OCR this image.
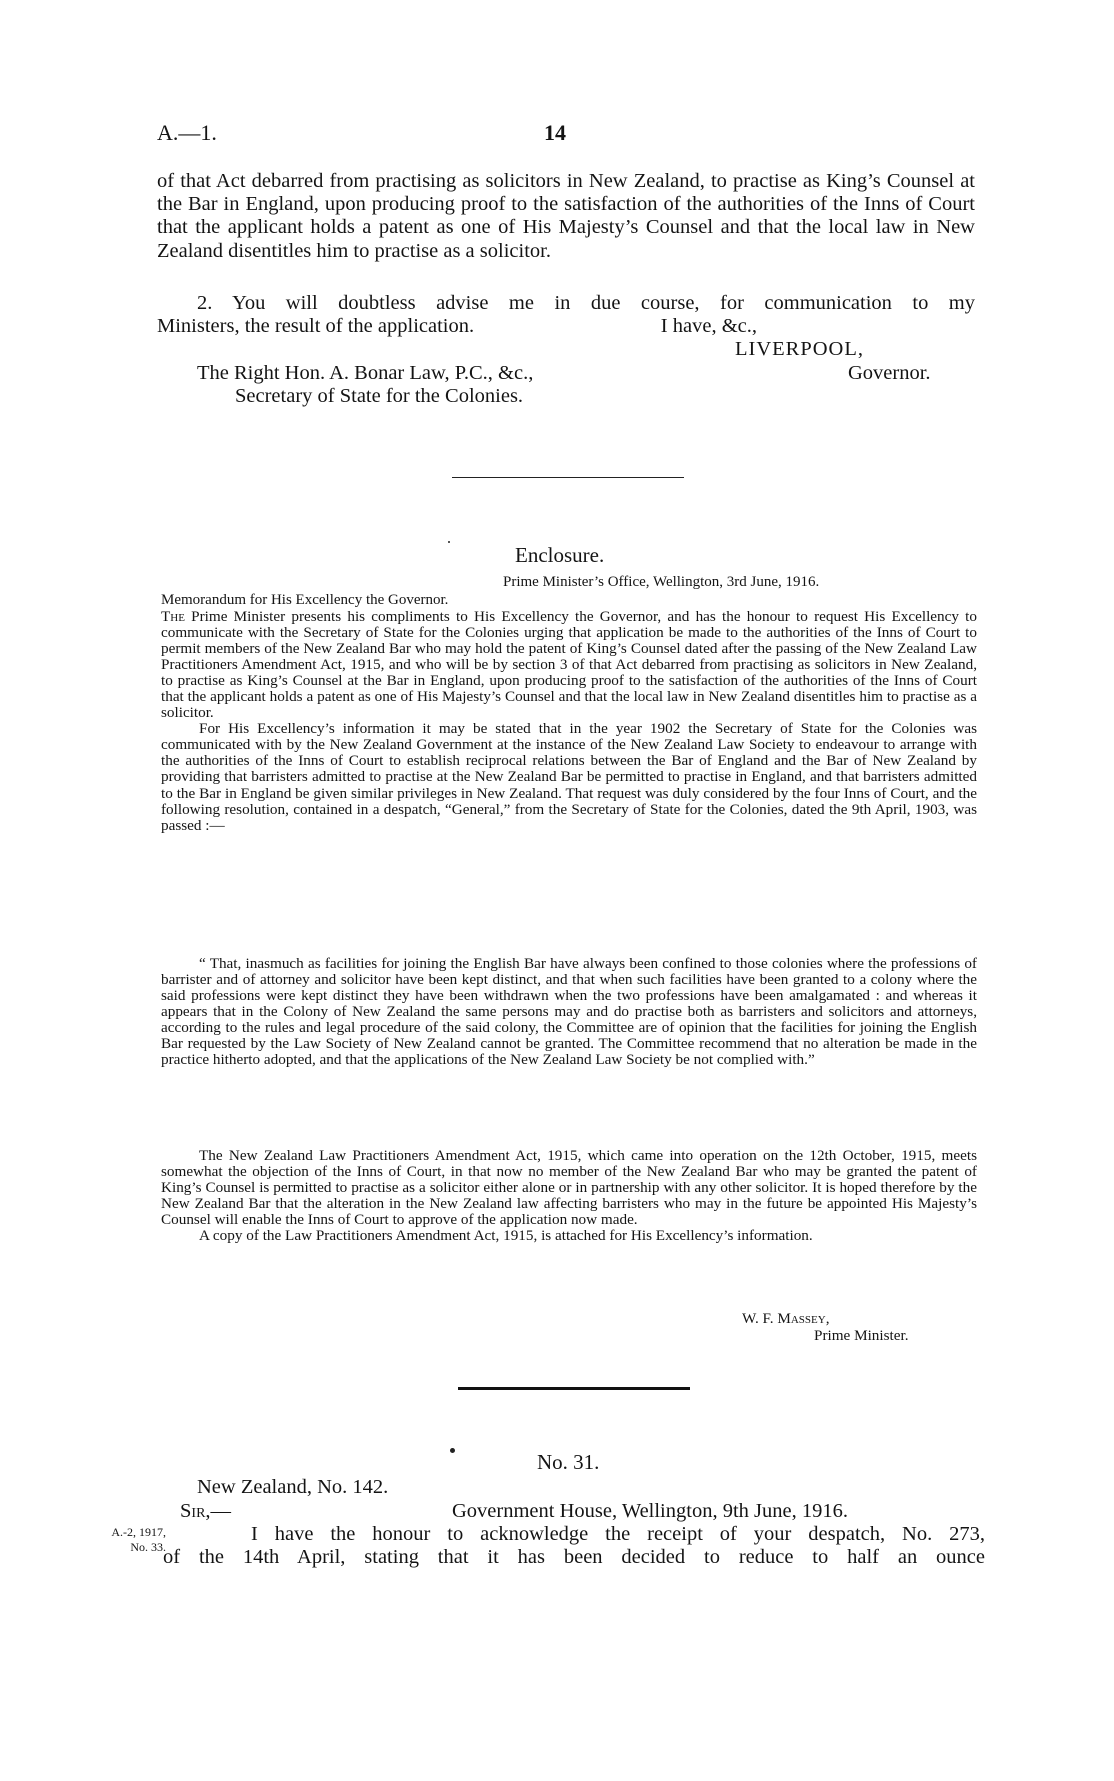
A.—1.	14

of that Act debarred from practising as solicitors in New Zealand, to practise as King’s Counsel at the Bar in England, upon producing proof to the satisfaction of the authorities of the Inns of Court that the applicant holds a patent as one of His Majesty’s Counsel and that the local law in New Zealand disentitles him to practise as a solicitor.

2. You will doubtless advise me in due course, for communication to my
Ministers, the result of the application.	I have, &c.,
LIVERPOOL,
The Right Hon. A. Bonar Law, P.C., &c.,
Secretary of State for the Colonies.
Governor.
Enclosure.
Prime Minister’s Office, Wellington, 3rd June, 1916.
Memorandum for His Excellency the Governor.

The Prime Minister presents his compliments to His Excellency the Governor, and has the honour to request His Excellency to communicate with the Secretary of State for the Colonies urging that application be made to the authorities of the Inns of Court to permit members of the New Zealand Bar who may hold the patent of King’s Counsel dated after the passing of the New Zealand Law Practitioners Amendment Act, 1915, and who will be by section 3 of that Act debarred from practising as solicitors in New Zealand, to practise as King’s Counsel at the Bar in England, upon producing proof to the satisfaction of the authorities of the Inns of Court that the applicant holds a patent as one of His Majesty’s Counsel and that the local law in New Zealand disentitles him to practise as a solicitor.

For His Excellency’s information it may be stated that in the year 1902 the Secretary of State for the Colonies was communicated with by the New Zealand Government at the instance of the New Zealand Law Society to endeavour to arrange with the authorities of the Inns of Court to establish reciprocal relations between the Bar of England and the Bar of New Zealand by providing that barristers admitted to practise at the New Zealand Bar be permitted to practise in England, and that barristers admitted to the Bar in England be given similar privileges in New Zealand. That request was duly considered by the four Inns of Court, and the following resolution, contained in a despatch, “General,” from the Secretary of State for the Colonies, dated the 9th April, 1903, was passed :—

“ That, inasmuch as facilities for joining the English Bar have always been confined to those colonies where the professions of barrister and of attorney and solicitor have been kept distinct, and that when such facilities have been granted to a colony where the said professions were kept distinct they have been withdrawn when the two professions have been amalgamated : and whereas it appears that in the Colony of New Zealand the same persons may and do practise both as barristers and solicitors and attorneys, according to the rules and legal procedure of the said colony, the Committee are of opinion that the facilities for joining the English Bar requested by the Law Society of New Zealand cannot be granted. The Committee recommend that no alteration be made in the practice hitherto adopted, and that the applications of the New Zealand Law Society be not complied with.”

The New Zealand Law Practitioners Amendment Act, 1915, which came into operation on the 12th October, 1915, meets somewhat the objection of the Inns of Court, in that now no member of the New Zealand Bar who may be granted the patent of King’s Counsel is permitted to practise as a solicitor either alone or in partnership with any other solicitor. It is hoped therefore by the New Zealand Bar that the alteration in the New Zealand law affecting barristers who may in the future be appointed His Majesty’s Counsel will enable the Inns of Court to approve of the application now made.

A copy of the Law Practitioners Amendment Act, 1915, is attached for His Excellency’s information.

W. F. Massey,
Prime Minister.
No. 31.
New Zealand, No. 142.
Sir,—	Government House, Wellington, 9th June, 1916.
A.-2, 1917,
No. 33.
I have the honour to acknowledge the receipt of your despatch, No. 273,
of the 14th April, stating that it has been decided to reduce to half an ounce
